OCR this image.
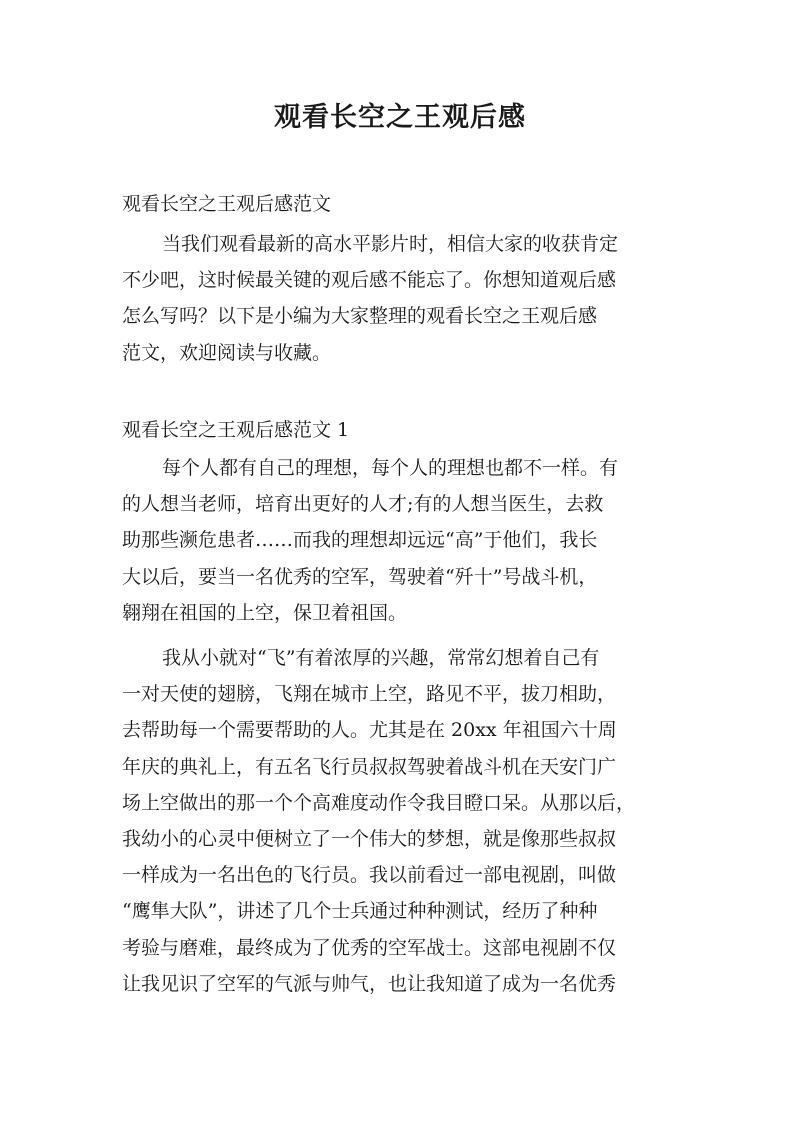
观看长空之王观后感
观看长空之王观后感范文
当我们观看最新的高水平影片时，相信大家的收获肯定
不少吧，这时候最关键的观后感不能忘了。你想知道观后感
怎么写吗？以下是小编为大家整理的观看长空之王观后感
范文，欢迎阅读与收藏。
观看长空之王观后感范文 1
每个人都有自己的理想，每个人的理想也都不一样。有
的人想当老师，培育出更好的人才;有的人想当医生，去救
助那些濒危患者……而我的理想却远远“高”于他们，我长
大以后，要当一名优秀的空军，驾驶着“歼十”号战斗机，
翱翔在祖国的上空，保卫着祖国。
我从小就对“飞”有着浓厚的兴趣，常常幻想着自己有
一对天使的翅膀，飞翔在城市上空，路见不平，拔刀相助，
去帮助每一个需要帮助的人。尤其是在 20xx 年祖国六十周
年庆的典礼上，有五名飞行员叔叔驾驶着战斗机在天安门广
场上空做出的那一个个高难度动作令我目瞪口呆。从那以后，
我幼小的心灵中便树立了一个伟大的梦想，就是像那些叔叔
一样成为一名出色的飞行员。我以前看过一部电视剧，叫做
“鹰隼大队”，讲述了几个士兵通过种种测试，经历了种种
考验与磨难，最终成为了优秀的空军战士。这部电视剧不仅
让我见识了空军的气派与帅气，也让我知道了成为一名优秀
